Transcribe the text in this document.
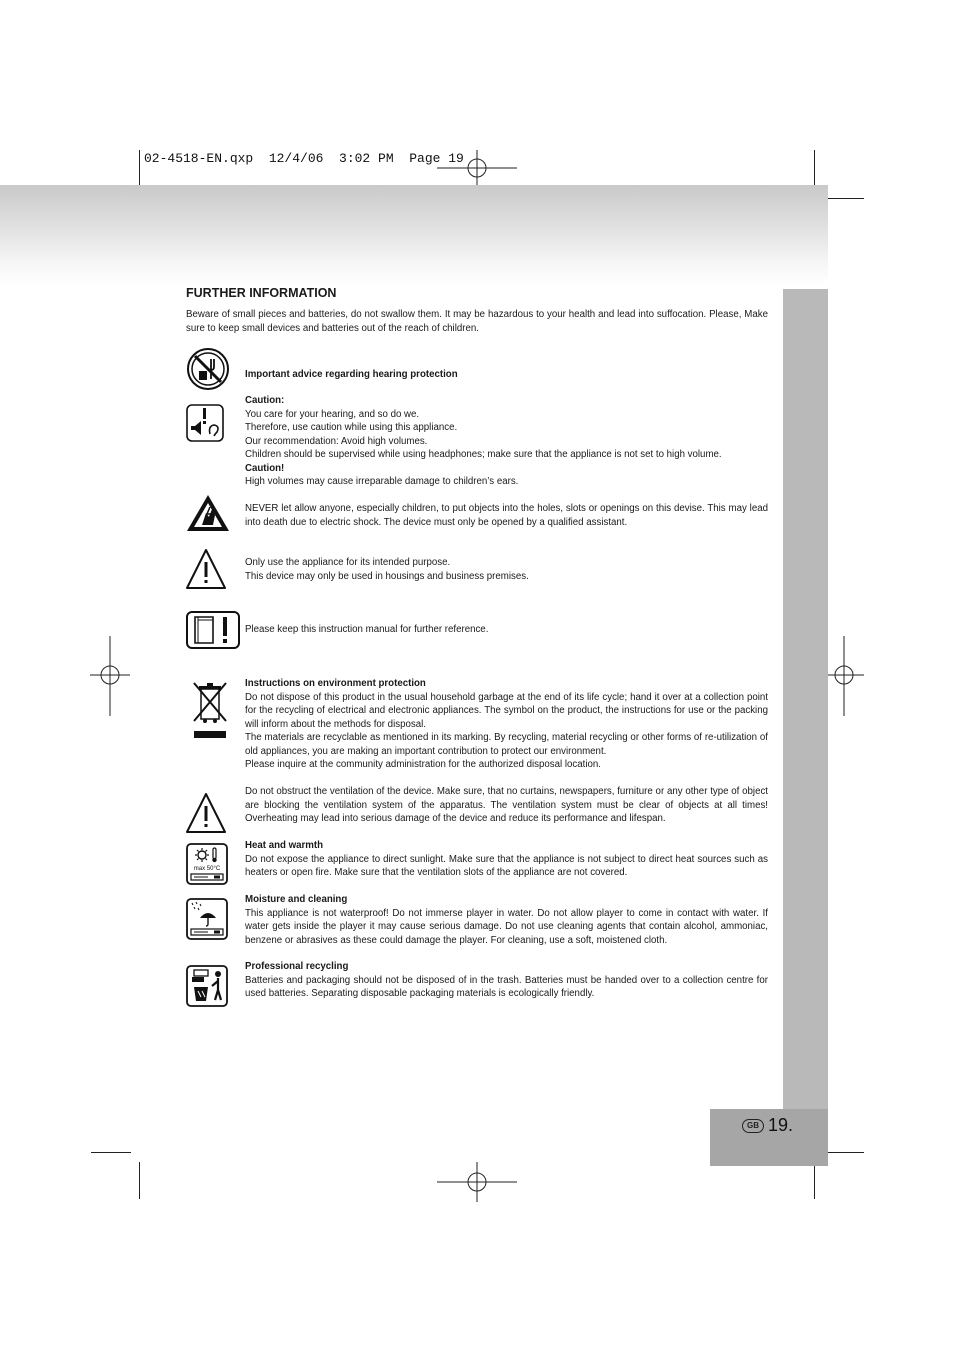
02-4518-EN.qxp  12/4/06  3:02 PM  Page 19
GB 19.

FURTHER INFORMATION

Beware of small pieces and batteries, do not swallow them. It may be hazardous to your health and lead into suffocation. Please, Make sure to keep small devices and batteries out of the reach of children.

Important advice regarding hearing protection
Caution:
You care for your hearing, and so do we.
Therefore, use caution while using this appliance.
Our recommendation: Avoid high volumes.
Children should be supervised while using headphones; make sure that the appliance is not set to high volume.
Caution!
High volumes may cause irreparable damage to children’s ears.
NEVER let allow anyone, especially children, to put objects into the holes, slots or openings on this devise. This may lead into death due to electric shock. The device must only be opened by a qualified assistant.
Only use the appliance for its intended purpose.
This device may only be used in housings and business premises.
Please keep this instruction manual for further reference.
Instructions on environment protection
Do not dispose of this product in the usual household garbage at the end of its life cycle; hand it over at a collection point for the recycling of electrical and electronic appliances. The symbol on the product, the instructions for use or the packing will inform about the methods for disposal.
The materials are recyclable as mentioned in its marking. By recycling, material recycling or other forms of re-utilization of old appliances, you are making an important contribution to protect our environment.
Please inquire at the community administration for the authorized disposal location.
Do not obstruct the ventilation of the device. Make sure, that no curtains, newspapers, furniture or any other type of object are blocking the ventilation system of the apparatus. The ventilation system must be clear of objects at all times! Overheating may lead into serious damage of the device and reduce its performance and lifespan.
max 50°C
Heat and warmth
Do not expose the appliance to direct sunlight. Make sure that the appliance is not subject to direct heat sources such as heaters or open fire. Make sure that the ventilation slots of the appliance are not covered.
Moisture and cleaning
This appliance is not waterproof! Do not immerse player in water. Do not allow player to come in contact with water. If water gets inside the player it may cause serious damage. Do not use cleaning agents that contain alcohol, ammoniac, benzene or abrasives as these could damage the player. For cleaning, use a soft, moistened cloth.
Professional recycling
Batteries and packaging should not be disposed of in the trash. Batteries must be handed over to a collection centre for used batteries. Separating disposable packaging materials is ecologically friendly.
